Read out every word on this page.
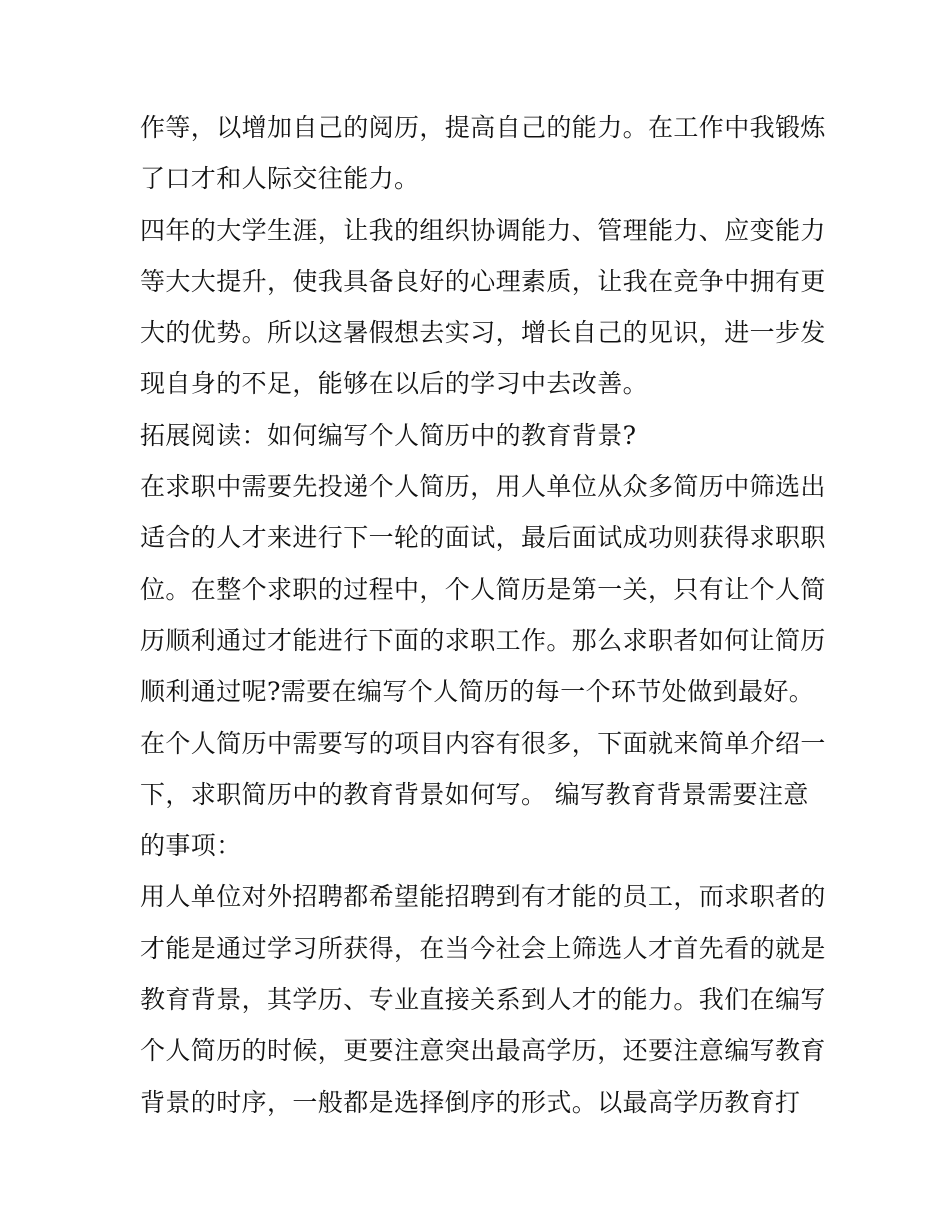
作等，以增加自己的阅历，提高自己的能力。在工作中我锻炼
了口才和人际交往能力。
四年的大学生涯，让我的组织协调能力、管理能力、应变能力
等大大提升，使我具备良好的心理素质，让我在竞争中拥有更
大的优势。所以这暑假想去实习，增长自己的见识，进一步发
现自身的不足，能够在以后的学习中去改善。
拓展阅读：如何编写个人简历中的教育背景?
在求职中需要先投递个人简历，用人单位从众多简历中筛选出
适合的人才来进行下一轮的面试，最后面试成功则获得求职职
位。在整个求职的过程中，个人简历是第一关，只有让个人简
历顺利通过才能进行下面的求职工作。那么求职者如何让简历
顺利通过呢?需要在编写个人简历的每一个环节处做到最好。
在个人简历中需要写的项目内容有很多，下面就来简单介绍一
下，求职简历中的教育背景如何写。 编写教育背景需要注意
的事项：
用人单位对外招聘都希望能招聘到有才能的员工，而求职者的
才能是通过学习所获得，在当今社会上筛选人才首先看的就是
教育背景，其学历、专业直接关系到人才的能力。我们在编写
个人简历的时候，更要注意突出最高学历，还要注意编写教育
背景的时序，一般都是选择倒序的形式。以最高学历教育打
